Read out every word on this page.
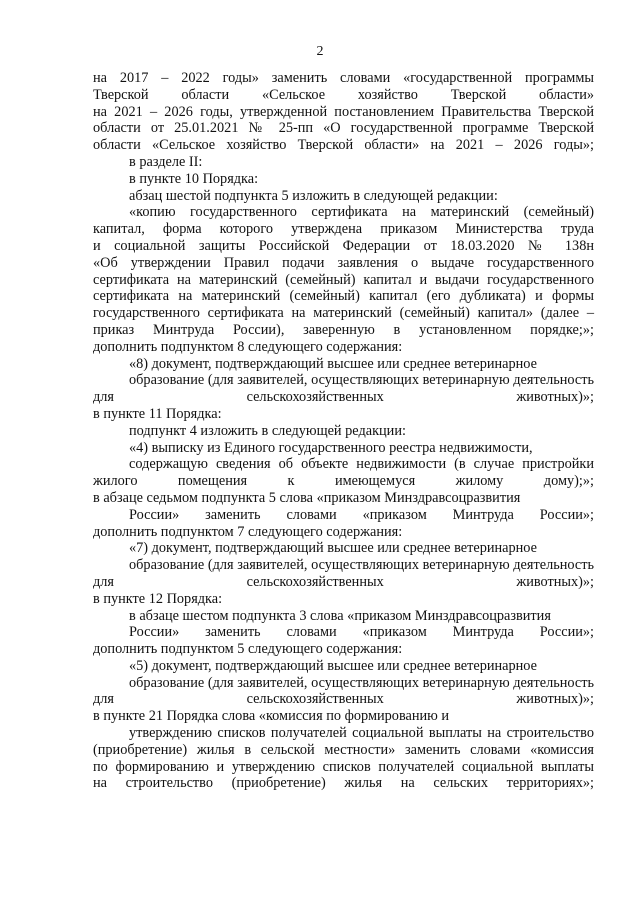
2

на 2017 – 2022 годы» заменить словами «государственной программы

Тверской области «Сельское хозяйство Тверской области»

на 2021 – 2026 годы, утвержденной постановлением Правительства Тверской

области от 25.01.2021 № 25-пп «О государственной программе Тверской

области «Сельское хозяйство Тверской области» на 2021 – 2026 годы»;

в разделе II:

в пункте 10 Порядка:

абзац шестой подпункта 5 изложить в следующей редакции:

«копию государственного сертификата на материнский (семейный)

капитал, форма которого утверждена приказом Министерства труда

и социальной защиты Российской Федерации от 18.03.2020 № 138н

«Об утверждении Правил подачи заявления о выдаче государственного

сертификата на материнский (семейный) капитал и выдачи государственного

сертификата на материнский (семейный) капитал (его дубликата) и формы

государственного сертификата на материнский (семейный) капитал» (далее –

приказ Минтруда России), заверенную в установленном порядке;»;

дополнить подпунктом 8 следующего содержания:

«8) документ, подтверждающий высшее или среднее ветеринарное

образование (для заявителей, осуществляющих ветеринарную деятельность

для сельскохозяйственных животных)»;

в пункте 11 Порядка:

подпункт 4 изложить в следующей редакции:

«4) выписку из Единого государственного реестра недвижимости,

содержащую сведения об объекте недвижимости (в случае пристройки

жилого помещения к имеющемуся жилому дому);»;

в абзаце седьмом подпункта 5 слова «приказом Минздравсоцразвития

России» заменить словами «приказом Минтруда России»;

дополнить подпунктом 7 следующего содержания:

«7) документ, подтверждающий высшее или среднее ветеринарное

образование (для заявителей, осуществляющих ветеринарную деятельность

для сельскохозяйственных животных)»;

в пункте 12 Порядка:

в абзаце шестом подпункта 3 слова «приказом Минздравсоцразвития

России» заменить словами «приказом Минтруда России»;

дополнить подпунктом 5 следующего содержания:

«5) документ, подтверждающий высшее или среднее ветеринарное

образование (для заявителей, осуществляющих ветеринарную деятельность

для сельскохозяйственных животных)»;

в пункте 21 Порядка слова «комиссия по формированию и

утверждению списков получателей социальной выплаты на строительство

(приобретение) жилья в сельской местности» заменить словами «комиссия

по формированию и утверждению списков получателей социальной выплаты

на строительство (приобретение) жилья на сельских территориях»;
